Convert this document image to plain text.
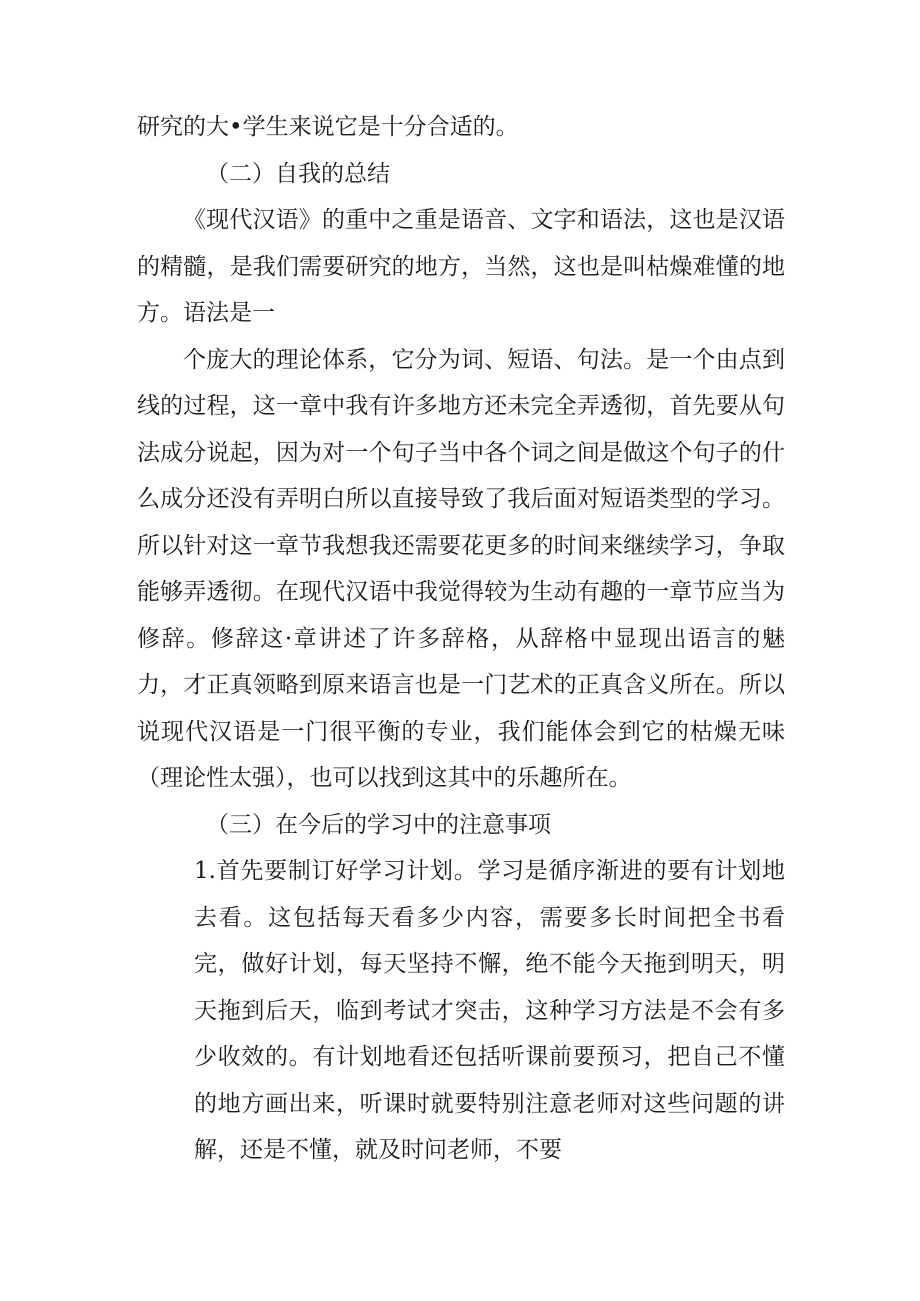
研究的大•学生来说它是十分合适的。

（二）自我的总结

《现代汉语》的重中之重是语音、文字和语法，这也是汉语的精髓，是我们需要研究的地方，当然，这也是叫枯燥难懂的地方。语法是一

个庞大的理论体系，它分为词、短语、句法。是一个由点到线的过程，这一章中我有许多地方还未完全弄透彻，首先要从句法成分说起，因为对一个句子当中各个词之间是做这个句子的什么成分还没有弄明白所以直接导致了我后面对短语类型的学习。所以针对这一章节我想我还需要花更多的时间来继续学习，争取能够弄透彻。在现代汉语中我觉得较为生动有趣的一章节应当为修辞。修辞这·章讲述了许多辞格，从辞格中显现出语言的魅力，才正真领略到原来语言也是一门艺术的正真含义所在。所以说现代汉语是一门很平衡的专业，我们能体会到它的枯燥无味（理论性太强），也可以找到这其中的乐趣所在。

（三）在今后的学习中的注意事项

1.首先要制订好学习计划。学习是循序渐进的要有计划地去看。这包括每天看多少内容，需要多长时间把全书看完，做好计划，每天坚持不懈，绝不能今天拖到明天，明天拖到后天，临到考试才突击，这种学习方法是不会有多少收效的。有计划地看还包括听课前要预习，把自己不懂的地方画出来，听课时就要特别注意老师对这些问题的讲解，还是不懂，就及时问老师，不要
